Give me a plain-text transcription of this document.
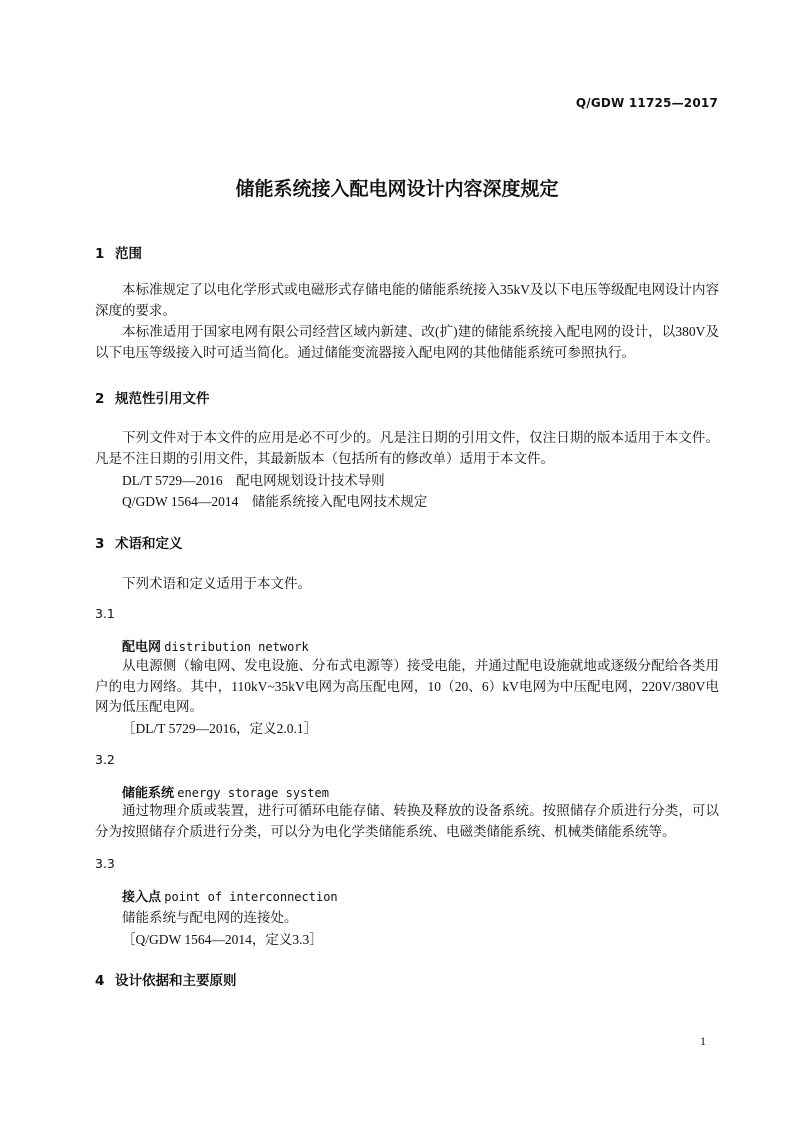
Q/GDW 11725—2017
储能系统接入配电网设计内容深度规定
1 范围
本标准规定了以电化学形式或电磁形式存储电能的储能系统接入35kV及以下电压等级配电网设计内容深度的要求。
本标准适用于国家电网有限公司经营区域内新建、改(扩)建的储能系统接入配电网的设计，以380V及以下电压等级接入时可适当简化。通过储能变流器接入配电网的其他储能系统可参照执行。
2 规范性引用文件
下列文件对于本文件的应用是必不可少的。凡是注日期的引用文件，仅注日期的版本适用于本文件。凡是不注日期的引用文件，其最新版本（包括所有的修改单）适用于本文件。
DL/T 5729—2016　配电网规划设计技术导则
Q/GDW 1564—2014　储能系统接入配电网技术规定
3 术语和定义
下列术语和定义适用于本文件。
3.1
配电网 distribution network
从电源侧（输电网、发电设施、分布式电源等）接受电能，并通过配电设施就地或逐级分配给各类用户的电力网络。其中，110kV~35kV电网为高压配电网，10（20、6）kV电网为中压配电网，220V/380V电网为低压配电网。
［DL/T 5729—2016，定义2.0.1］
3.2
储能系统 energy storage system
通过物理介质或装置，进行可循环电能存储、转换及释放的设备系统。按照储存介质进行分类，可以分为按照储存介质进行分类，可以分为电化学类储能系统、电磁类储能系统、机械类储能系统等。
3.3
接入点 point of interconnection
储能系统与配电网的连接处。
［Q/GDW 1564—2014，定义3.3］
4 设计依据和主要原则
1
